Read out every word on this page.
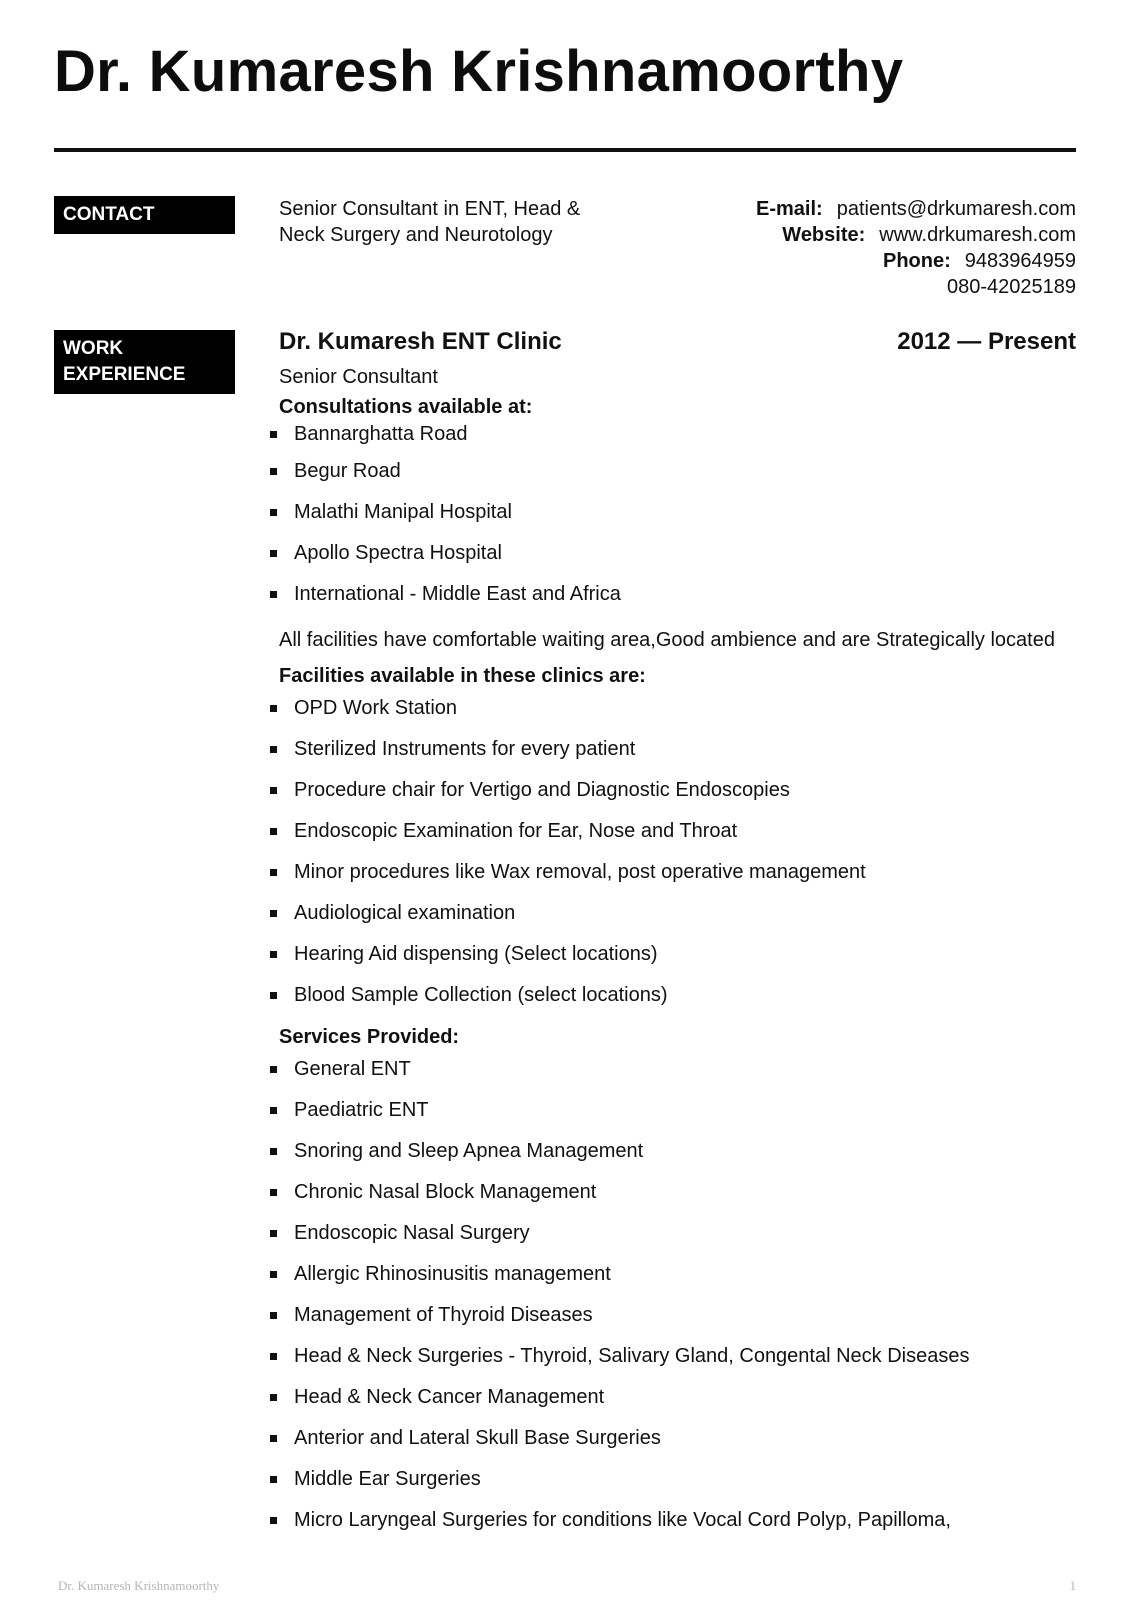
Dr. Kumaresh Krishnamoorthy
CONTACT	Senior Consultant in ENT, Head &
Neck Surgery and Neurotology
E-mail: patients@drkumaresh.com
Website: www.drkumaresh.com
Phone: 9483964959
080-42025189
WORK
EXPERIENCE
Dr. Kumaresh ENT Clinic	2012 — Present
Senior Consultant
Consultations available at:
Bannarghatta Road
Begur Road
Malathi Manipal Hospital
Apollo Spectra Hospital
International - Middle East and Africa
All facilities have comfortable waiting area,Good ambience and are Strategically located
Facilities available in these clinics are:
OPD Work Station
Sterilized Instruments for every patient
Procedure chair for Vertigo and Diagnostic Endoscopies
Endoscopic Examination for Ear, Nose and Throat
Minor procedures like Wax removal, post operative management
Audiological examination
Hearing Aid dispensing (Select locations)
Blood Sample Collection (select locations)
Services Provided:
General ENT
Paediatric ENT
Snoring and Sleep Apnea Management
Chronic Nasal Block Management
Endoscopic Nasal Surgery
Allergic Rhinosinusitis management
Management of Thyroid Diseases
Head & Neck Surgeries - Thyroid, Salivary Gland, Congental Neck Diseases
Head & Neck Cancer Management
Anterior and Lateral Skull Base Surgeries
Middle Ear Surgeries
Micro Laryngeal Surgeries for conditions like Vocal Cord Polyp, Papilloma,
Dr. Kumaresh Krishnamoorthy	1
